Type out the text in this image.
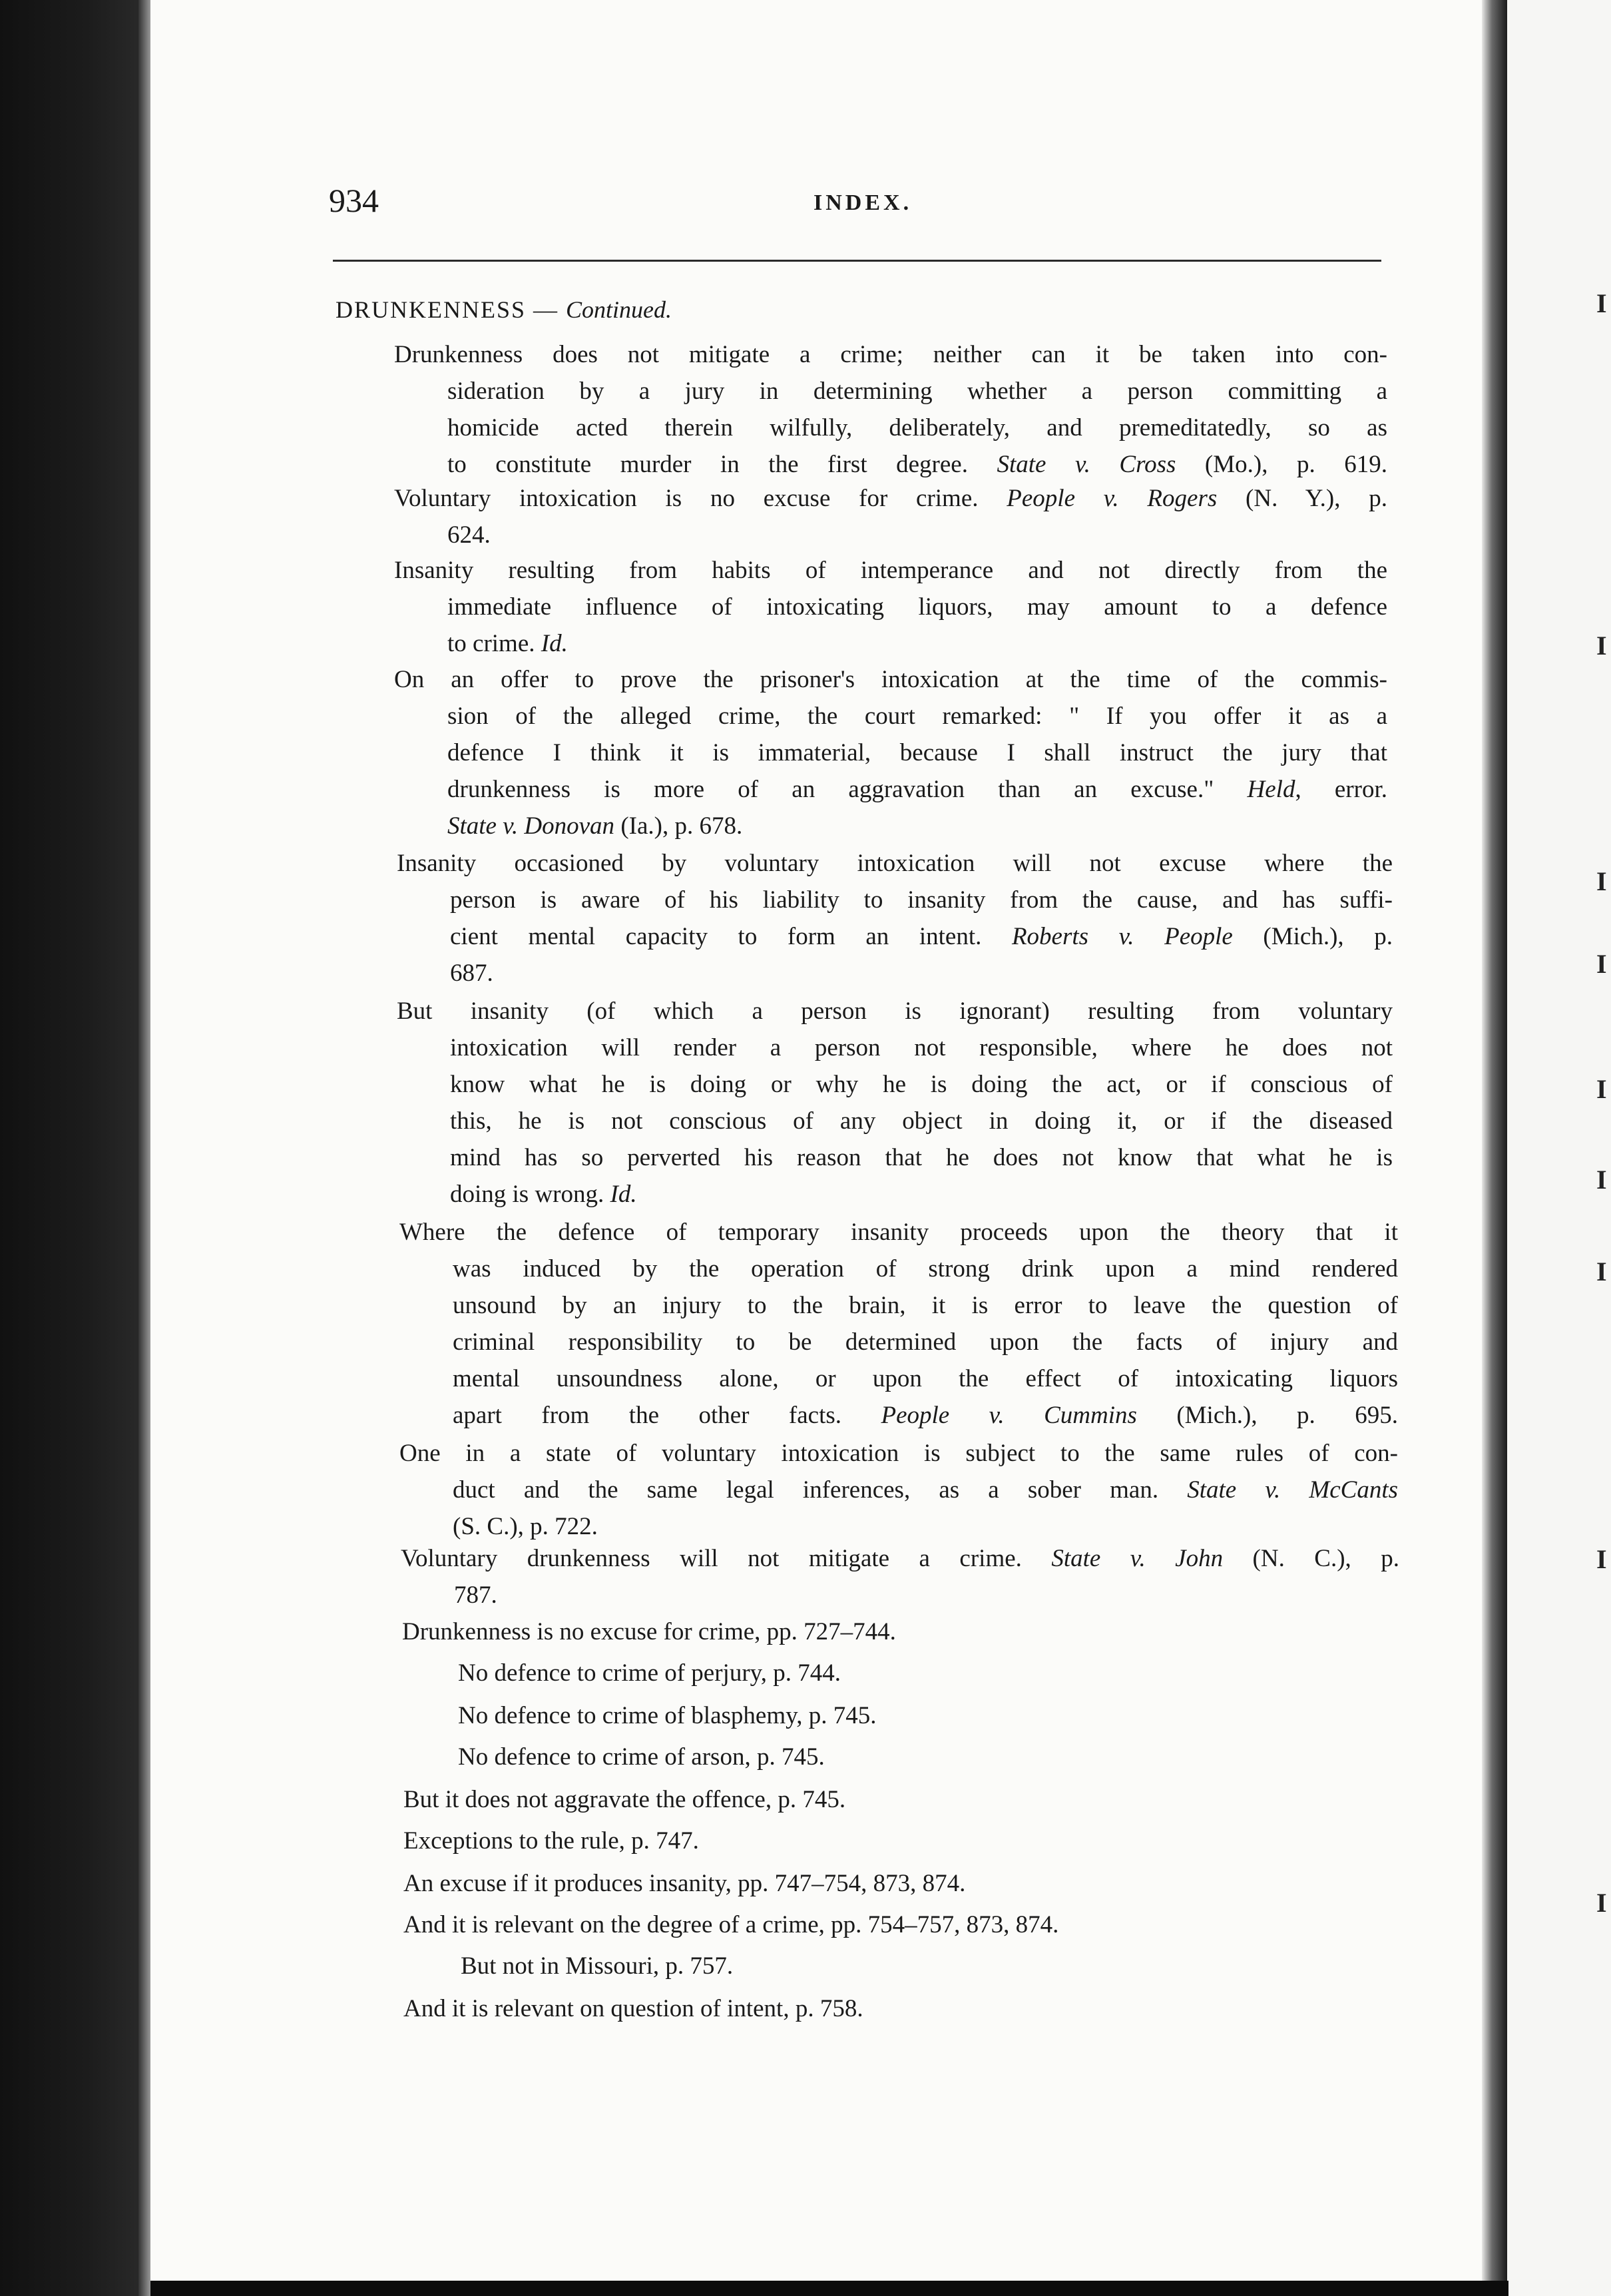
I
I
I
I
I
I
I
I
I
934	INDEX.
DRUNKENNESS — Continued.
Drunkenness does not mitigate a crime; neither can it be taken into con-
sideration by a jury in determining whether a person committing a
homicide acted therein wilfully, deliberately, and premeditatedly, so as
to constitute murder in the first degree. State v. Cross (Mo.), p. 619.
Voluntary intoxication is no excuse for crime. People v. Rogers (N. Y.), p.
624.
Insanity resulting from habits of intemperance and not directly from the
immediate influence of intoxicating liquors, may amount to a defence
to crime. Id.
On an offer to prove the prisoner's intoxication at the time of the commis-
sion of the alleged crime, the court remarked: " If you offer it as a
defence I think it is immaterial, because I shall instruct the jury that
drunkenness is more of an aggravation than an excuse." Held, error.
State v. Donovan (Ia.), p. 678.
Insanity occasioned by voluntary intoxication will not excuse where the
person is aware of his liability to insanity from the cause, and has suffi-
cient mental capacity to form an intent. Roberts v. People (Mich.), p.
687.
But insanity (of which a person is ignorant) resulting from voluntary
intoxication will render a person not responsible, where he does not
know what he is doing or why he is doing the act, or if conscious of
this, he is not conscious of any object in doing it, or if the diseased
mind has so perverted his reason that he does not know that what he is
doing is wrong. Id.
Where the defence of temporary insanity proceeds upon the theory that it
was induced by the operation of strong drink upon a mind rendered
unsound by an injury to the brain, it is error to leave the question of
criminal responsibility to be determined upon the facts of injury and
mental unsoundness alone, or upon the effect of intoxicating liquors
apart from the other facts. People v. Cummins (Mich.), p. 695.
One in a state of voluntary intoxication is subject to the same rules of con-
duct and the same legal inferences, as a sober man. State v. McCants
(S. C.), p. 722.
Voluntary drunkenness will not mitigate a crime. State v. John (N. C.), p.
787.
Drunkenness is no excuse for crime, pp. 727–744.
No defence to crime of perjury, p. 744.
No defence to crime of blasphemy, p. 745.
No defence to crime of arson, p. 745.
But it does not aggravate the offence, p. 745.
Exceptions to the rule, p. 747.
An excuse if it produces insanity, pp. 747–754, 873, 874.
And it is relevant on the degree of a crime, pp. 754–757, 873, 874.
But not in Missouri, p. 757.
And it is relevant on question of intent, p. 758.
